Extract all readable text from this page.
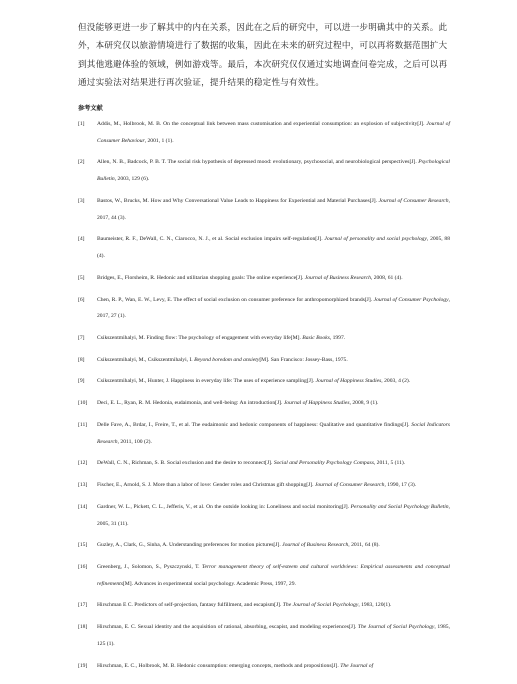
但没能够更进一步了解其中的内在关系，因此在之后的研究中，可以进一步明确其中的关系。此外，本研究仅以旅游情境进行了数据的收集，因此在未来的研究过程中，可以再将数据范围扩大到其他逃避体验的领域，例如游戏等。最后，本次研究仅仅通过实地调查问卷完成，之后可以再通过实验法对结果进行再次验证，提升结果的稳定性与有效性。

参考文献

[1]	Addis, M., Holbrook, M. B. On the conceptual link between mass customisation and experiential consumption: an explosion of subjectivity[J]. Journal of Consumer Behaviour, 2001, 1 (1).
[2]	Allen, N. B., Badcock, P. B. T. The social risk hypothesis of depressed mood: evolutionary, psychosocial, and neurobiological perspectives[J]. Psychological Bulletin, 2003, 129 (6).
[3]	Bastos, W., Brucks, M. How and Why Conversational Value Leads to Happiness for Experiential and Material Purchases[J]. Journal of Consumer Research, 2017, 44 (3).
[4]	Baumeister, R. F., DeWall, C. N., Ciarocco, N. J., et al. Social exclusion impairs self-regulation[J]. Journal of personality and social psychology, 2005, 88 (4).
[5]	Bridges, E., Florsheim, R. Hedonic and utilitarian shopping goals: The online experience[J]. Journal of Business Research, 2008, 61 (4).
[6]	Chen, R. P., Wan, E. W., Levy, E. The effect of social exclusion on consumer preference for anthropomorphized brands[J]. Journal of Consumer Psychology, 2017, 27 (1).
[7]	Csikszentmihalyi, M. Finding flow: The psychology of engagement with everyday life[M]. Basic Books, 1997.
[8]	Csikszentmihalyi, M., Csikszentmihalyi, I. Beyond boredom and anxiety[M]. San Francisco: Jossey-Bass, 1975.
[9]	Csikszentmihalyi, M., Hunter, J. Happiness in everyday life: The uses of experience sampling[J]. Journal of Happiness Studies, 2003, 4 (2).
[10]	Deci, E. L., Ryan, R. M. Hedonia, eudaimonia, and well-being: An introduction[J]. Journal of Happiness Studies, 2008, 9 (1).
[11]	Delle Fave, A., Brdar, I., Freire, T., et al. The eudaimonic and hedonic components of happiness: Qualitative and quantitative findings[J]. Social Indicators Research, 2011, 100 (2).
[12]	DeWall, C. N., Richman, S. B. Social exclusion and the desire to reconnect[J]. Social and Personality Psychology Compass, 2011, 5 (11).
[13]	Fischer, E., Arnold, S. J. More than a labor of love: Gender roles and Christmas gift shopping[J]. Journal of Consumer Research, 1990, 17 (3).
[14]	Gardner, W. L., Pickett, C. L., Jefferis, V., et al. On the outside looking in: Loneliness and social monitoring[J]. Personality and Social Psychology Bulletin, 2005, 31 (11).
[15]	Guzley, A., Clark, G., Sinha, A. Understanding preferences for motion pictures[J]. Journal of Business Research, 2011, 64 (8).
[16]	Greenberg, J., Solomon, S., Pyszczynski, T. Terror management theory of self-esteem and cultural worldviews: Empirical assessments and conceptual refinements[M]. Advances in experimental social psychology. Academic Press, 1997, 29.
[17]	Hirschman E C. Predictors of self-projection, fantasy fulfillment, and escapism[J]. The Journal of Social Psychology, 1983, 120(1).
[18]	Hirschman, E. C. Sexual identity and the acquisition of rational, absorbing, escapist, and modeling experiences[J]. The Journal of Social Psychology, 1985, 125 (1).
[19]	Hirschman, E. C., Holbrook, M. B. Hedonic consumption: emerging concepts, methods and propositions[J]. The Journal of
